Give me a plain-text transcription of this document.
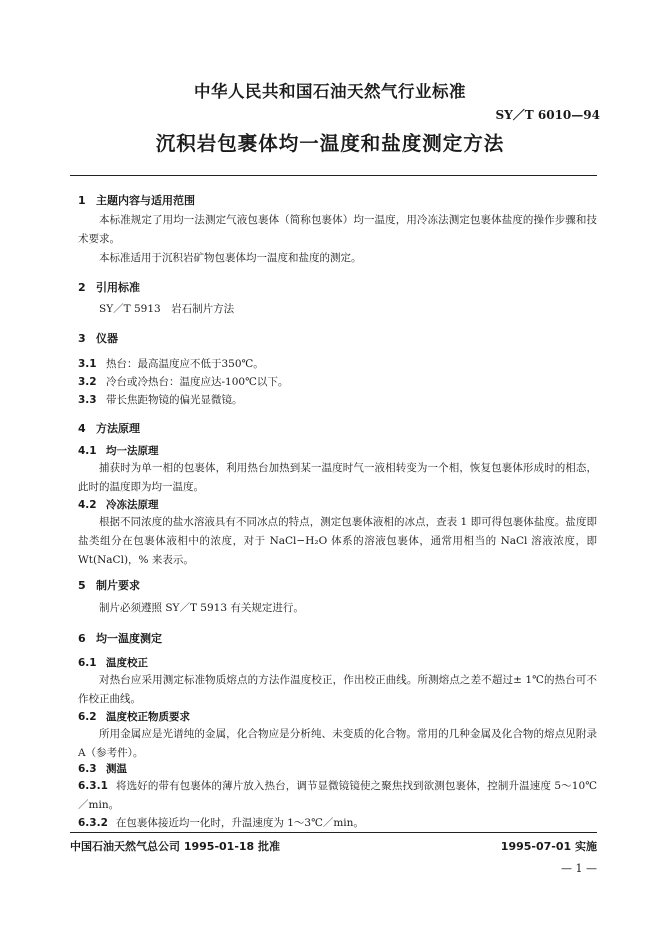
中华人民共和国石油天然气行业标准
SY／T 6010—94
沉积岩包裹体均一温度和盐度测定方法
1 主题内容与适用范围
本标准规定了用均一法测定气液包裹体（简称包裹体）均一温度，用冷冻法测定包裹体盐度的操作步骤和技术要求。
本标准适用于沉积岩矿物包裹体均一温度和盐度的测定。
2 引用标准
SY／T 5913　岩石制片方法
3 仪器
3.1 热台：最高温度应不低于350℃。
3.2 冷台或冷热台：温度应达-100℃以下。
3.3 带长焦距物镜的偏光显微镜。
4 方法原理
4.1 均一法原理
捕获时为单一相的包裹体，利用热台加热到某一温度时气一液相转变为一个相，恢复包裹体形成时的相态，此时的温度即为均一温度。
4.2 冷冻法原理
根据不同浓度的盐水溶液具有不同冰点的特点，测定包裹体液相的冰点，查表 1 即可得包裹体盐度。盐度即盐类组分在包裹体液相中的浓度，对于 NaCl−H₂O 体系的溶液包裹体，通常用相当的 NaCl 溶液浓度，即 Wt(NaCl)，% 来表示。
5 制片要求
制片必须遵照 SY／T 5913 有关规定进行。
6 均一温度测定
6.1 温度校正
对热台应采用测定标准物质熔点的方法作温度校正，作出校正曲线。所测熔点之差不超过± 1℃的热台可不作校正曲线。
6.2 温度校正物质要求
所用金属应是光谱纯的金属，化合物应是分析纯、未变质的化合物。常用的几种金属及化合物的熔点见附录 A（参考件）。
6.3 测温
6.3.1 将选好的带有包裹体的薄片放入热台，调节显微镜镜使之聚焦找到欲测包裹体，控制升温速度 5～10℃／min。
6.3.2 在包裹体接近均一化时，升温速度为 1～3℃／min。
中国石油天然气总公司 1995-01-18 批准	1995-07-01 实施
— 1 —
